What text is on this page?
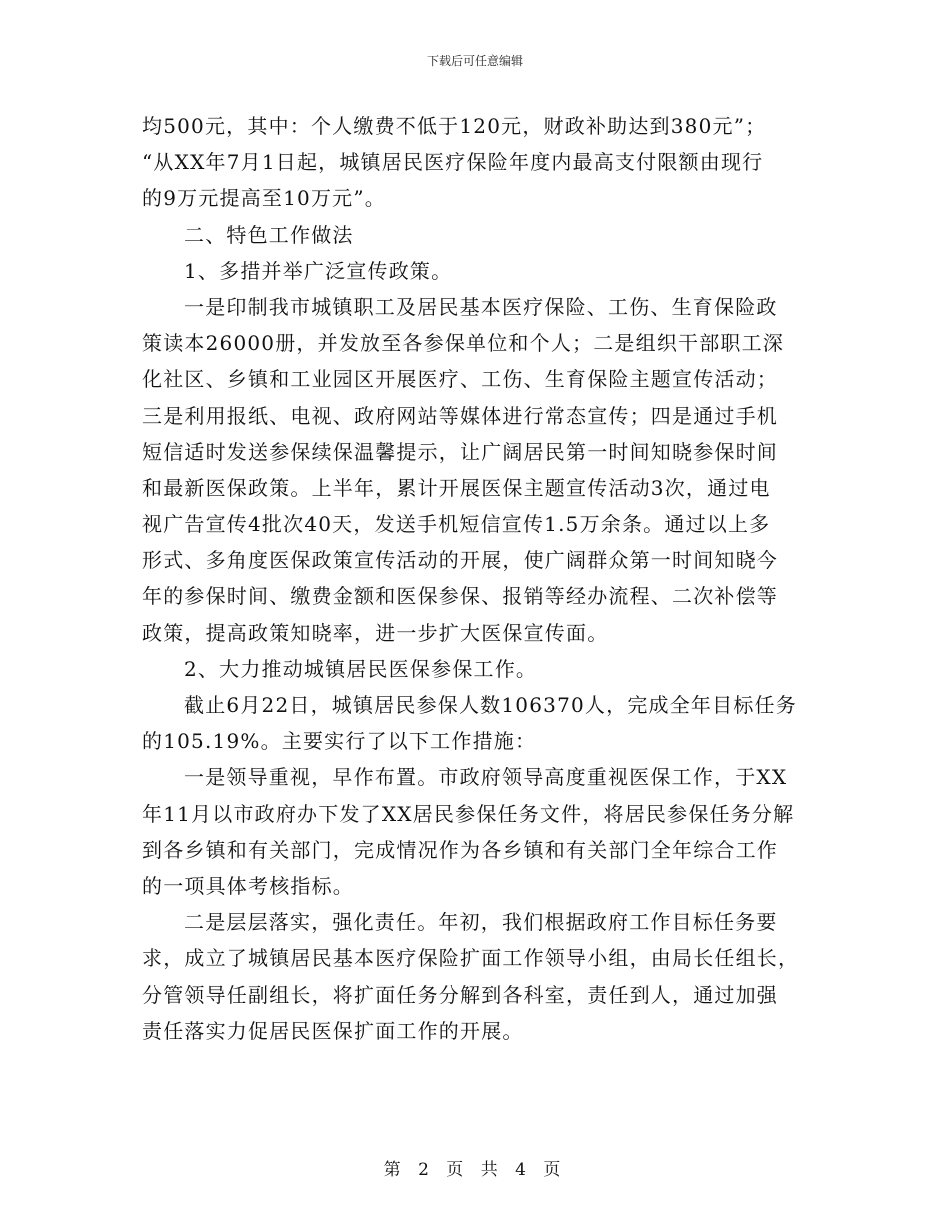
下载后可任意编辑
均500元，其中：个人缴费不低于120元，财政补助达到380元”；
“从XX年7月1日起，城镇居民医疗保险年度内最高支付限额由现行
的9万元提高至10万元”。
二、特色工作做法
1、多措并举广泛宣传政策。
一是印制我市城镇职工及居民基本医疗保险、工伤、生育保险政
策读本26000册，并发放至各参保单位和个人；二是组织干部职工深
化社区、乡镇和工业园区开展医疗、工伤、生育保险主题宣传活动；
三是利用报纸、电视、政府网站等媒体进行常态宣传；四是通过手机
短信适时发送参保续保温馨提示，让广阔居民第一时间知晓参保时间
和最新医保政策。上半年，累计开展医保主题宣传活动3次，通过电
视广告宣传4批次40天，发送手机短信宣传1.5万余条。通过以上多
形式、多角度医保政策宣传活动的开展，使广阔群众第一时间知晓今
年的参保时间、缴费金额和医保参保、报销等经办流程、二次补偿等
政策，提高政策知晓率，进一步扩大医保宣传面。
2、大力推动城镇居民医保参保工作。
截止6月22日，城镇居民参保人数106370人，完成全年目标任务
的105.19%。主要实行了以下工作措施：
一是领导重视，早作布置。市政府领导高度重视医保工作，于XX
年11月以市政府办下发了XX居民参保任务文件，将居民参保任务分解
到各乡镇和有关部门，完成情况作为各乡镇和有关部门全年综合工作
的一项具体考核指标。
二是层层落实，强化责任。年初，我们根据政府工作目标任务要
求，成立了城镇居民基本医疗保险扩面工作领导小组，由局长任组长，
分管领导任副组长，将扩面任务分解到各科室，责任到人，通过加强
责任落实力促居民医保扩面工作的开展。
第 2 页 共 4 页
